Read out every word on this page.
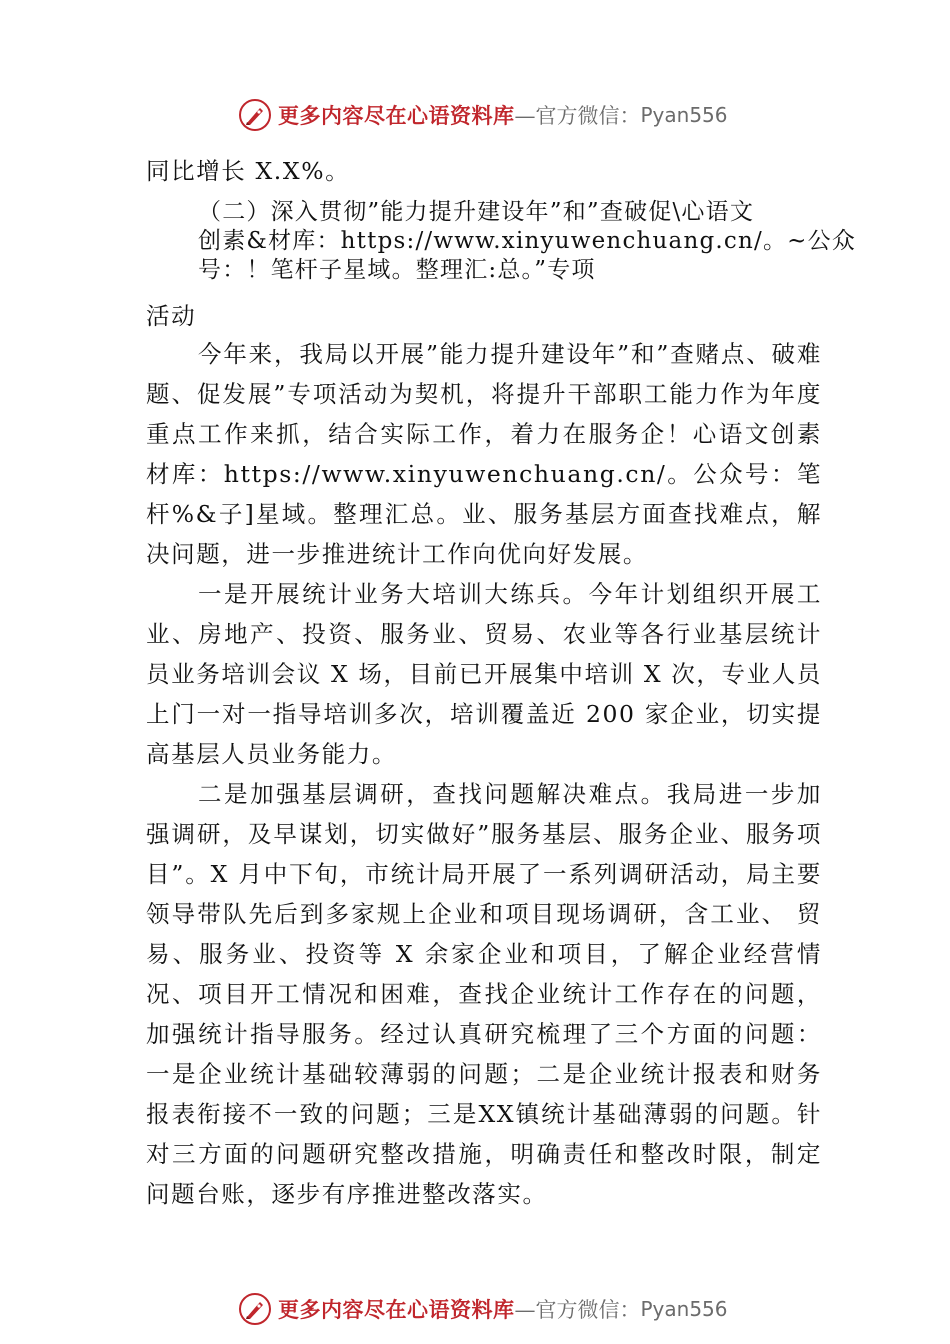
更多内容尽在心语资料库 —官方微信： Pyan556
同比增长 X.X%。
（二）深入贯彻”能力提升建设年”和”查破促\心语文
创素&材库：https://www.xinyuwenchuang.cn/。~公众
号：！笔杆子星域。整理汇:总。”专项
活动

今年来，我局以开展”能力提升建设年”和”查赌点、破难题、促发展”专项活动为契机，将提升干部职工能力作为年度重点工作来抓，结合实际工作，着力在服务企！心语文创素材库：https://www.xinyuwenchuang.cn/。公众号：笔杆%&子]星域。整理汇总。业、服务基层方面查找难点，解决问题，进一步推进统计工作向优向好发展。

一是开展统计业务大培训大练兵。今年计划组织开展工业、房地产、投资、服务业、贸易、农业等各行业基层统计员业务培训会议 X 场，目前已开展集中培训 X 次，专业人员上门一对一指导培训多次，培训覆盖近 200 家企业，切实提高基层人员业务能力。

二是加强基层调研，查找问题解决难点。我局进一步加强调研，及早谋划，切实做好”服务基层、服务企业、服务项目”。X 月中下旬，市统计局开展了一系列调研活动，局主要领导带队先后到多家规上企业和项目现场调研，含工业、 贸易、服务业、投资等 X 余家企业和项目，了解企业经营情况、项目开工情况和困难，查找企业统计工作存在的问题， 加强统计指导服务。经过认真研究梳理了三个方面的问题： 一是企业统计基础较薄弱的问题；二是企业统计报表和财务报表衔接不一致的问题；三是XX镇统计基础薄弱的问题。针对三方面的问题研究整改措施，明确责任和整改时限，制定问题台账，逐步有序推进整改落实。

更多内容尽在心语资料库 —官方微信： Pyan556
